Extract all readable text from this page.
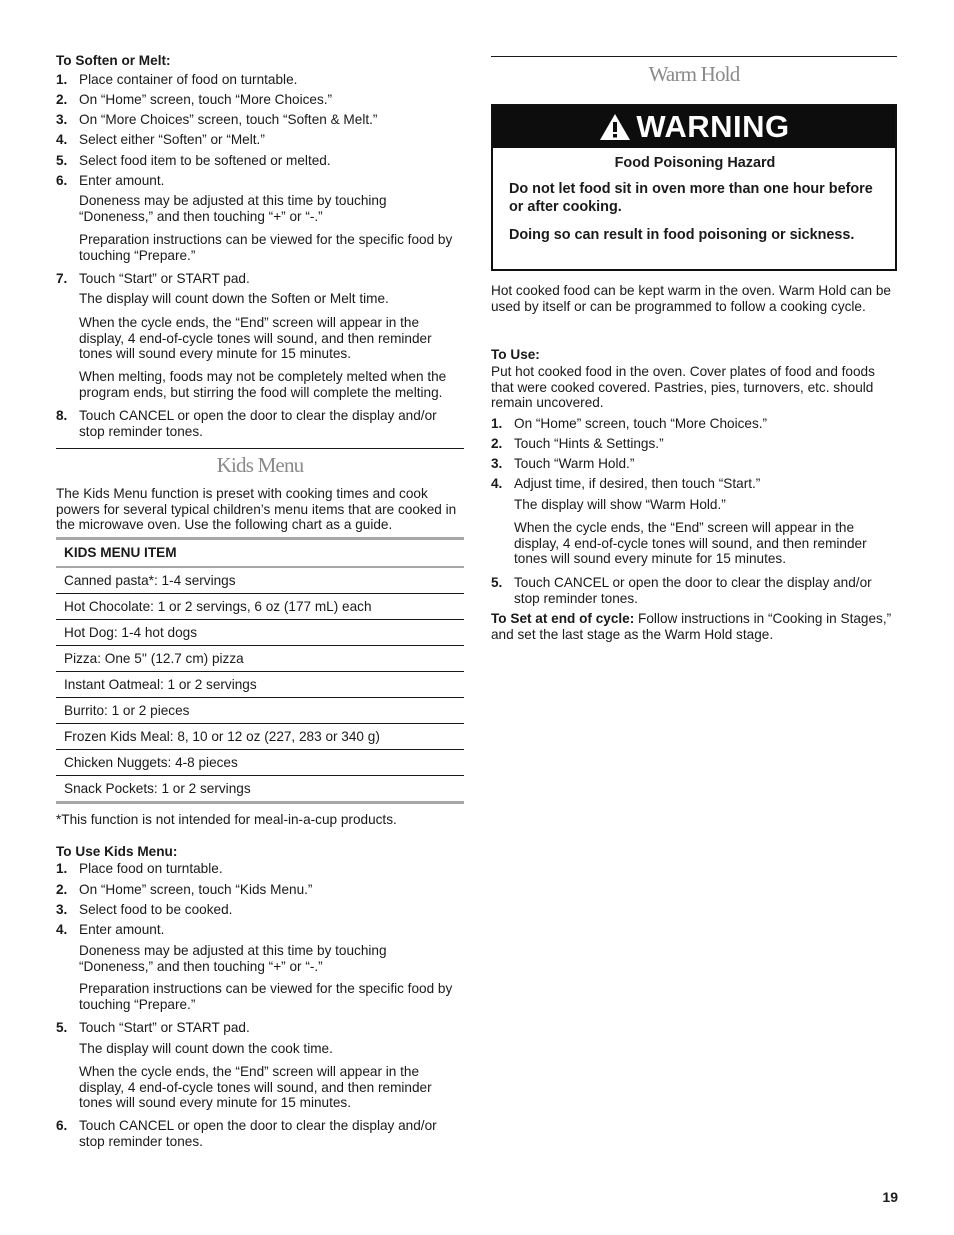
To Soften or Melt:
1. Place container of food on turntable.
2. On “Home” screen, touch “More Choices.”
3. On “More Choices” screen, touch “Soften & Melt.”
4. Select either “Soften” or “Melt.”
5. Select food item to be softened or melted.
6. Enter amount.
Doneness may be adjusted at this time by touching “Doneness,” and then touching “+” or “-.”
Preparation instructions can be viewed for the specific food by touching “Prepare.”
7. Touch “Start” or START pad.
The display will count down the Soften or Melt time.
When the cycle ends, the “End” screen will appear in the display, 4 end-of-cycle tones will sound, and then reminder tones will sound every minute for 15 minutes.
When melting, foods may not be completely melted when the program ends, but stirring the food will complete the melting.
8. Touch CANCEL or open the door to clear the display and/or stop reminder tones.
Kids Menu
The Kids Menu function is preset with cooking times and cook powers for several typical children’s menu items that are cooked in the microwave oven. Use the following chart as a guide.
KIDS MENU ITEM
Canned pasta*: 1-4 servings
Hot Chocolate: 1 or 2 servings, 6 oz (177 mL) each
Hot Dog: 1-4 hot dogs
Pizza: One 5'' (12.7 cm) pizza
Instant Oatmeal: 1 or 2 servings
Burrito: 1 or 2 pieces
Frozen Kids Meal: 8, 10 or 12 oz (227, 283 or 340 g)
Chicken Nuggets: 4-8 pieces
Snack Pockets: 1 or 2 servings
*This function is not intended for meal-in-a-cup products.
To Use Kids Menu:
1. Place food on turntable.
2. On “Home” screen, touch “Kids Menu.”
3. Select food to be cooked.
4. Enter amount.
Doneness may be adjusted at this time by touching “Doneness,” and then touching “+” or “-.”
Preparation instructions can be viewed for the specific food by touching “Prepare.”
5. Touch “Start” or START pad.
The display will count down the cook time.
When the cycle ends, the “End” screen will appear in the display, 4 end-of-cycle tones will sound, and then reminder tones will sound every minute for 15 minutes.
6. Touch CANCEL or open the door to clear the display and/or stop reminder tones.
Warm Hold
WARNING
Food Poisoning Hazard
Do not let food sit in oven more than one hour before or after cooking.
Doing so can result in food poisoning or sickness.
Hot cooked food can be kept warm in the oven. Warm Hold can be used by itself or can be programmed to follow a cooking cycle.
To Use:
Put hot cooked food in the oven. Cover plates of food and foods that were cooked covered. Pastries, pies, turnovers, etc. should remain uncovered.
1. On “Home” screen, touch “More Choices.”
2. Touch “Hints & Settings.”
3. Touch “Warm Hold.”
4. Adjust time, if desired, then touch “Start.”
The display will show “Warm Hold.”
When the cycle ends, the “End” screen will appear in the display, 4 end-of-cycle tones will sound, and then reminder tones will sound every minute for 15 minutes.
5. Touch CANCEL or open the door to clear the display and/or stop reminder tones.
To Set at end of cycle: Follow instructions in “Cooking in Stages,” and set the last stage as the Warm Hold stage.
19
